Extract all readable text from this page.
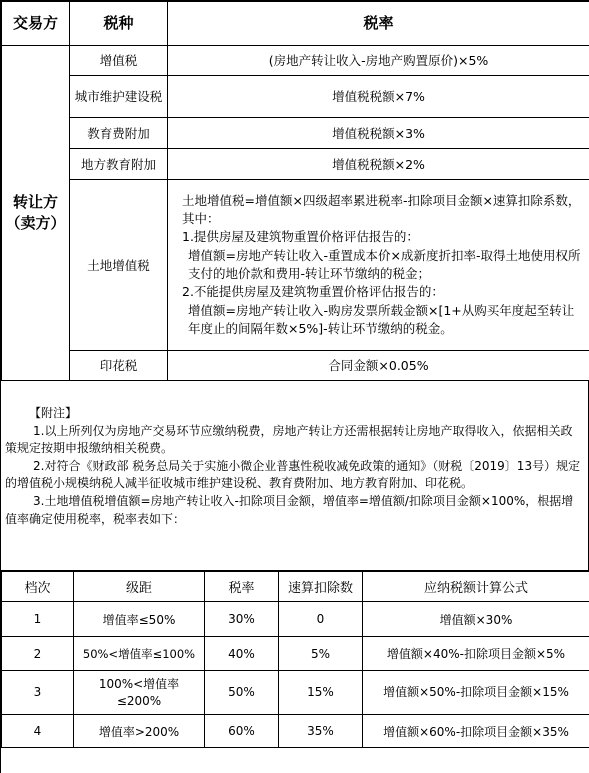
交易方	税种	税率

转让方
（卖方）	增值税	(房地产转让收入-房地产购置原价)×5%
	城市维护建设税	增值税税额×7%
	教育费附加	增值税税额×3%
	地方教育附加	增值税税额×2%
	土地增值税	土地增值税=增值额×四级超率累进税率-扣除项目金额×速算扣除系数，其中：
1.提供房屋及建筑物重置价格评估报告的：
增值额=房地产转让收入-重置成本价×成新度折扣率-取得土地使用权所支付的地价款和费用-转让环节缴纳的税金；
2.不能提供房屋及建筑物重置价格评估报告的：
增值额=房地产转让收入-购房发票所载金额×[1+从购买年度起至转让年度止的间隔年数×5%]-转让环节缴纳的税金。

	印花税	合同金额×0.05%
【附注】
1.以上所列仅为房地产交易环节应缴纳税费，房地产转让方还需根据转让房地产取得收入，依据相关政策规定按期申报缴纳相关税费。
2.对符合《财政部 税务总局关于实施小微企业普惠性税收减免政策的通知》（财税〔2019〕13号）规定的增值税小规模纳税人减半征收城市维护建设税、教育费附加、地方教育附加、印花税。
3.土地增值税增值额=房地产转让收入-扣除项目金额，增值率=增值额/扣除项目金额×100%，根据增值率确定使用税率，税率表如下：
档次	级距	税率	速算扣除数	应纳税额计算公式
1	增值率≤50%	30%	0	增值额×30%
2	50%<增值率≤100%	40%	5%	增值额×40%-扣除项目金额×5%
3	100%<增值率≤200%	50%	15%	增值额×50%-扣除项目金额×15%
4	增值率>200%	60%	35%	增值额×60%-扣除项目金额×35%
